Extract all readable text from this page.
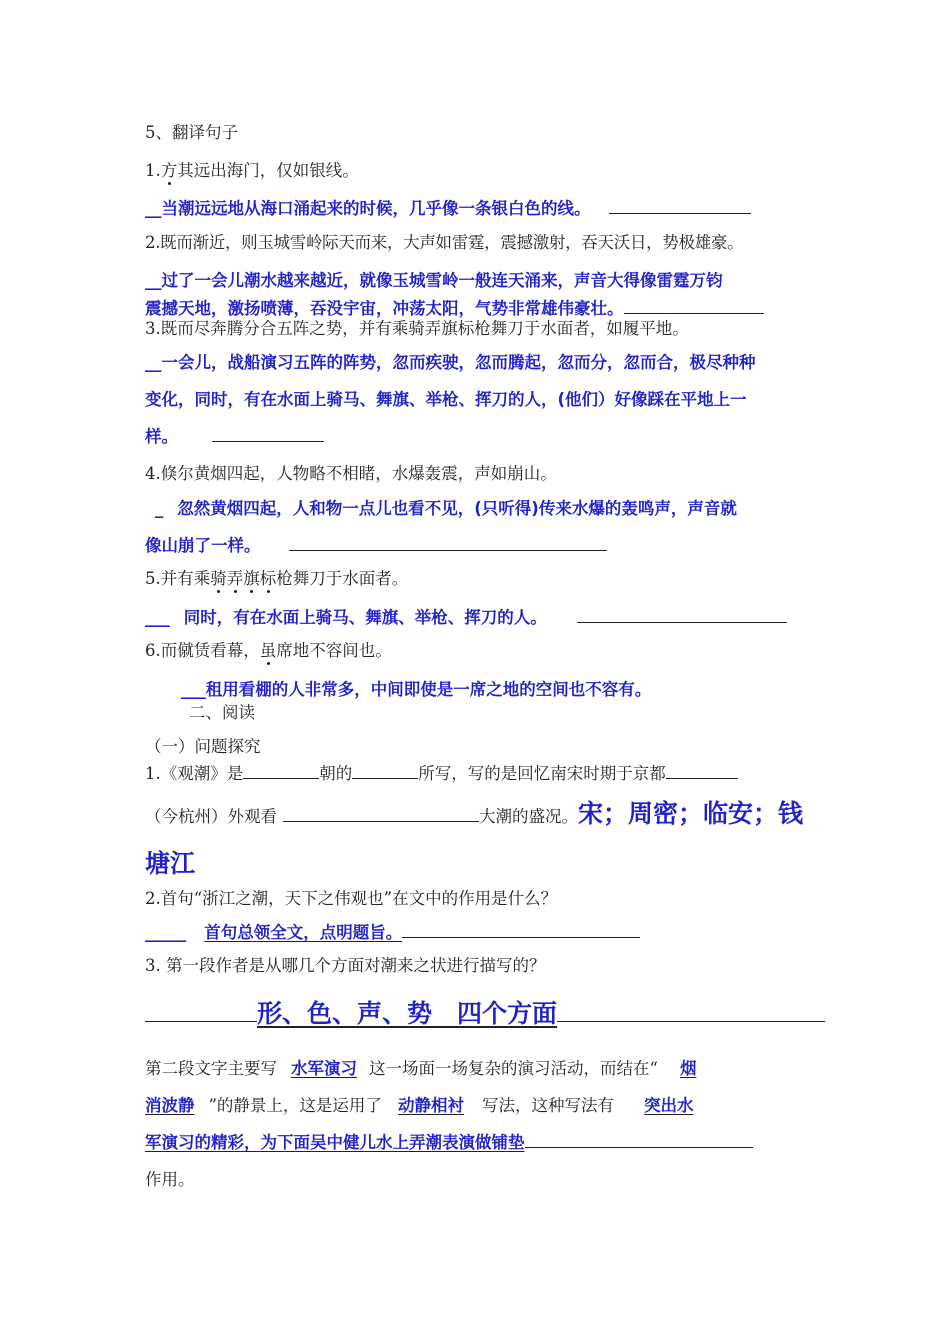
5、翻译句子
1.方其远出海门，仅如银线。
__当潮远远地从海口涌起来的时候，几乎像一条银白色的线。
2.既而渐近，则玉城雪岭际天而来，大声如雷霆，震撼激射，吞天沃日，势极雄豪。
__过了一会儿潮水越来越近，就像玉城雪岭一般连天涌来，声音大得像雷霆万钧
震撼天地，激扬喷薄，吞没宇宙，冲荡太阳，气势非常雄伟豪壮。
3.既而尽奔腾分合五阵之势，并有乘骑弄旗标枪舞刀于水面者，如履平地。
__一会儿，战船演习五阵的阵势，忽而疾驶，忽而腾起，忽而分，忽而合，极尽种种
变化，同时，有在水面上骑马、舞旗、举枪、挥刀的人，(他们）好像踩在平地上一
样。
4.倏尔黄烟四起，人物略不相睹，水爆轰震，声如崩山。
_ 忽然黄烟四起，人和物一点儿也看不见，(只听得)传来水爆的轰鸣声，声音就
像山崩了一样。
5.并有乘骑弄旗标枪舞刀于水面者。
___ 同时，有在水面上骑马、舞旗、举枪、挥刀的人。
6.而僦赁看幕，虽席地不容间也。
___租用看棚的人非常多，中间即使是一席之地的空间也不容有。
二、阅读
（一）问题探究
1.《观潮》是	朝的	所写，写的是回忆南宋时期于京都
（今杭州）外观看	大潮的盛况。宋；周密；临安；钱
塘江
2.首句“浙江之潮，天下之伟观也”在文中的作用是什么？
_____ 首句总领全文，点明题旨。
3. 第一段作者是从哪几个方面对潮来之状进行描写的？
形、色、声、势　四个方面
第二段文字主要写 水军演习 这一场面一场复杂的演习活动，而结在“ 烟
消波静 ”的静景上，这是运用了 动静相衬 写法，这种写法有 突出水
军演习的精彩，为下面吴中健儿水上弄潮表演做铺垫
作用。
